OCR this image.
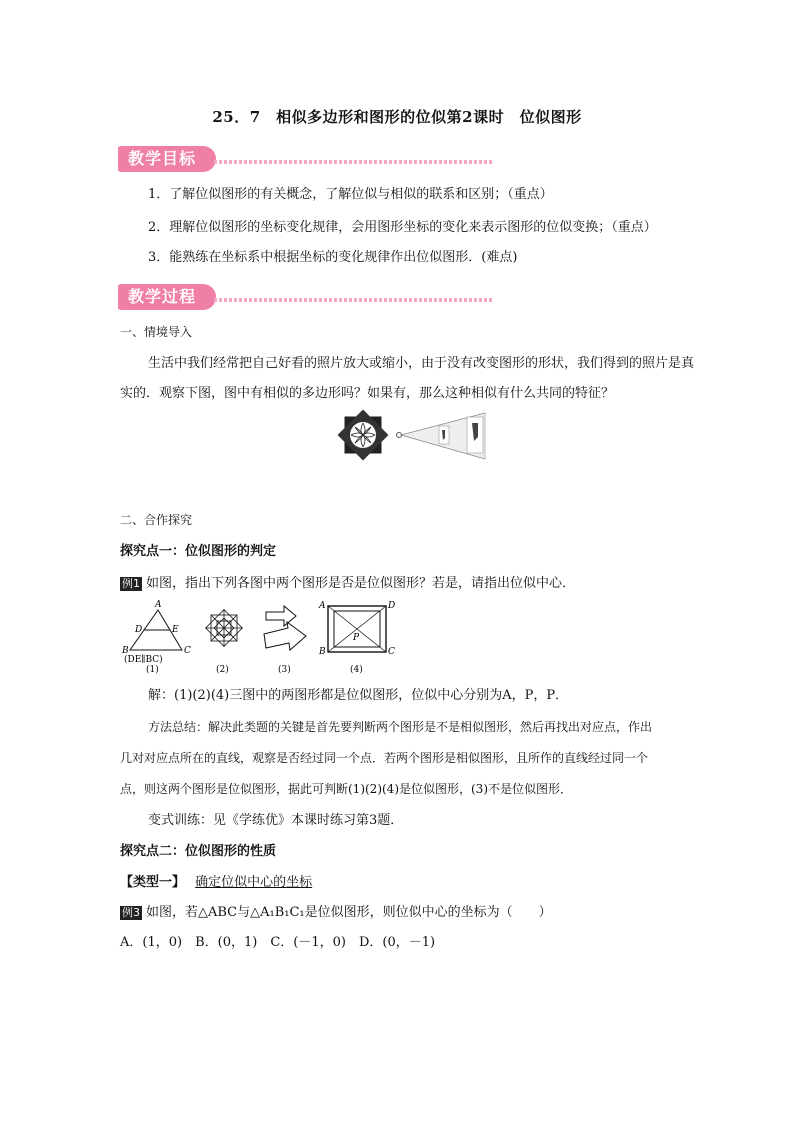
25．7　相似多边形和图形的位似第2课时　位似图形
教学目标
1．了解位似图形的有关概念，了解位似与相似的联系和区别；（重点）
2．理解位似图形的坐标变化规律，会用图形坐标的变化来表示图形的位似变换；（重点）
3．能熟练在坐标系中根据坐标的变化规律作出位似图形．(难点)
教学过程
一、情境导入
生活中我们经常把自己好看的照片放大或缩小，由于没有改变图形的形状，我们得到的照片是真
实的．观察下图，图中有相似的多边形吗？如果有，那么这种相似有什么共同的特征？
二、合作探究
探究点一：位似图形的判定
例1 如图，指出下列各图中两个图形是否是位似图形？若是，请指出位似中心．
A
D	E
B	C
(DE∥BC)
A	D
B	C
P
(1)	(2)	(3)	(4)
解：(1)(2)(4)三图中的两图形都是位似图形，位似中心分别为A，P，P．
方法总结：解决此类题的关键是首先要判断两个图形是不是相似图形，然后再找出对应点，作出
几对对应点所在的直线，观察是否经过同一个点．若两个图形是相似图形，且所作的直线经过同一个
点，则这两个图形是位似图形，据此可判断(1)(2)(4)是位似图形，(3)不是位似图形．
变式训练：见《学练优》本课时练习第3题．
探究点二：位似图形的性质
【类型一】 确定位似中心的坐标
例3 如图，若△ABC与△A₁B₁C₁是位似图形，则位似中心的坐标为（　　）
A．(1，0)　B．(0，1)　C．(－1，0)　D．(0，－1)
